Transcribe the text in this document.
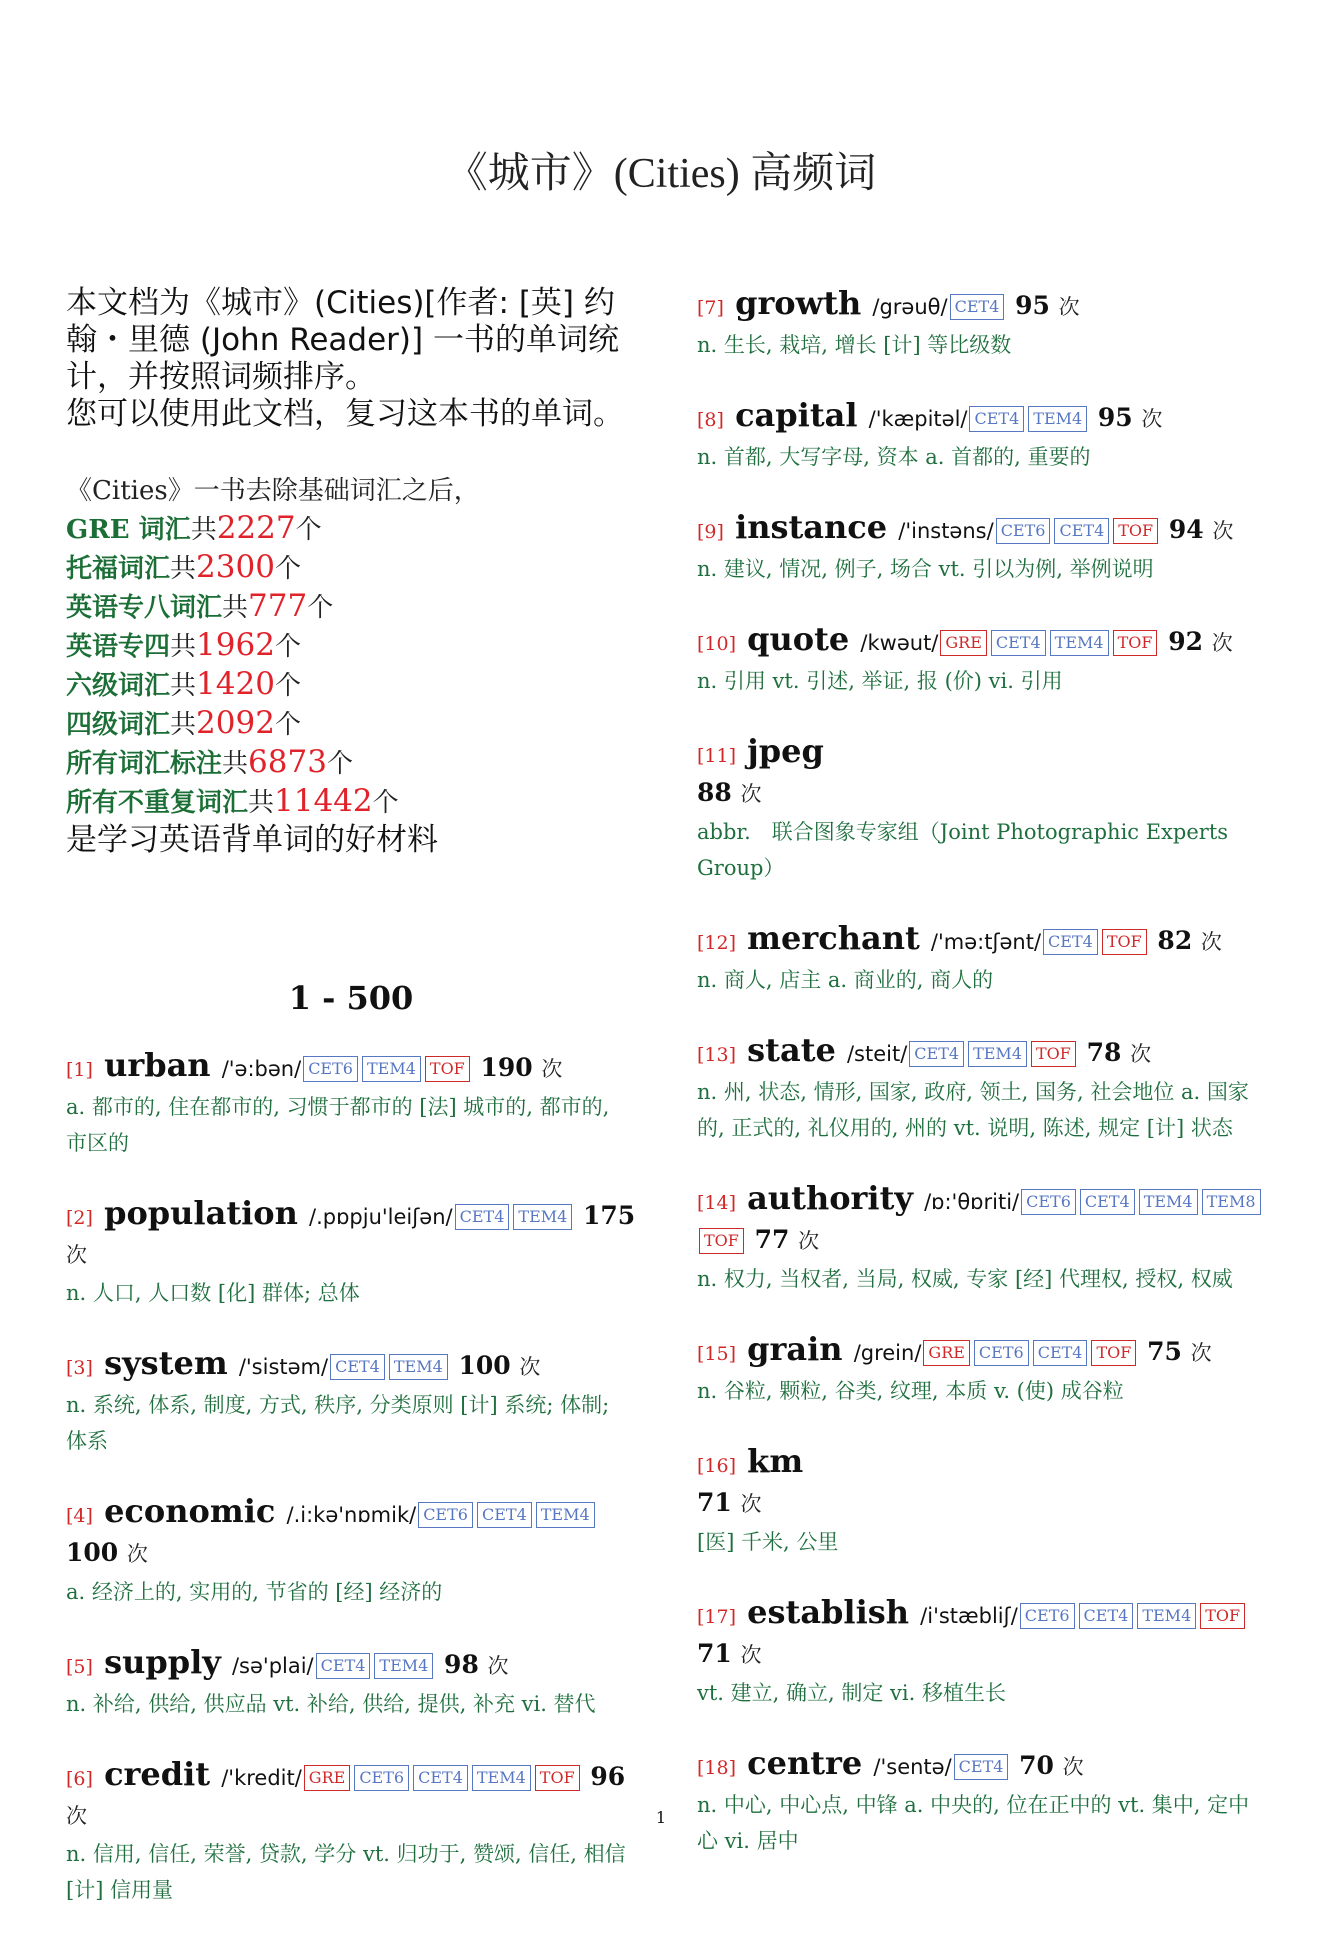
《城市》(Cities) 高频词

本文档为《城市》(Cities)[作者: [英] 约翰・里德 (John Reader)] 一书的单词统计，并按照词频排序。

您可以使用此文档，复习这本书的单词。

《Cities》一书去除基础词汇之后，
GRE 词汇共2227个
托福词汇共2300个
英语专八词汇共777个
英语专四共1962个
六级词汇共1420个
四级词汇共2092个
所有词汇标注共6873个
所有不重复词汇共11442个
是学习英语背单词的好材料
1 - 500
[1] urban /'ə:bən/ CET6 TEM4 TOF 190 次
a. 都市的, 住在都市的, 习惯于都市的 [法] 城市的, 都市的, 市区的
[2] population /.pɒpju'leiʃən/ CET4 TEM4 175 次
n. 人口, 人口数 [化] 群体; 总体
[3] system /'sistəm/ CET4 TEM4 100 次
n. 系统, 体系, 制度, 方式, 秩序, 分类原则 [计] 系统; 体制; 体系
[4] economic /.i:kə'nɒmik/ CET6 CET4 TEM4 100 次
a. 经济上的, 实用的, 节省的 [经] 经济的
[5] supply /sə'plai/ CET4 TEM4 98 次
n. 补给, 供给, 供应品 vt. 补给, 供给, 提供, 补充 vi. 替代
[6] credit /'kredit/ GRE CET6 CET4 TEM4 TOF 96 次
n. 信用, 信任, 荣誉, 贷款, 学分 vt. 归功于, 赞颂, 信任, 相信 [计] 信用量
[7] growth /grəuθ/ CET4 95 次
n. 生长, 栽培, 增长 [计] 等比级数
[8] capital /'kæpitəl/ CET4 TEM4 95 次
n. 首都, 大写字母, 资本 a. 首都的, 重要的
[9] instance /'instəns/ CET6 CET4 TOF 94 次
n. 建议, 情况, 例子, 场合 vt. 引以为例, 举例说明
[10] quote /kwəut/ GRE CET4 TEM4 TOF 92 次
n. 引用 vt. 引述, 举证, 报 (价) vi. 引用
[11] jpeg
88 次
abbr.　联合图象专家组（Joint Photographic Experts Group）
[12] merchant /'mə:tʃənt/ CET4 TOF 82 次
n. 商人, 店主 a. 商业的, 商人的
[13] state /steit/ CET4 TEM4 TOF 78 次
n. 州, 状态, 情形, 国家, 政府, 领土, 国务, 社会地位 a. 国家的, 正式的, 礼仪用的, 州的 vt. 说明, 陈述, 规定 [计] 状态
[14] authority /ɒ:'θɒriti/ CET6 CET4 TEM4 TEM8TOF 77 次
n. 权力, 当权者, 当局, 权威, 专家 [经] 代理权, 授权, 权威
[15] grain /grein/ GRE CET6 CET4 TOF 75 次
n. 谷粒, 颗粒, 谷类, 纹理, 本质 v. (使) 成谷粒
[16] km
71 次
[医] 千米, 公里
[17] establish /i'stæbliʃ/ CET6 CET4 TEM4 TOF 71 次
vt. 建立, 确立, 制定 vi. 移植生长
[18] centre /'sentə/ CET4 70 次
n. 中心, 中心点, 中锋 a. 中央的, 位在正中的 vt. 集中, 定中心 vi. 居中
1
